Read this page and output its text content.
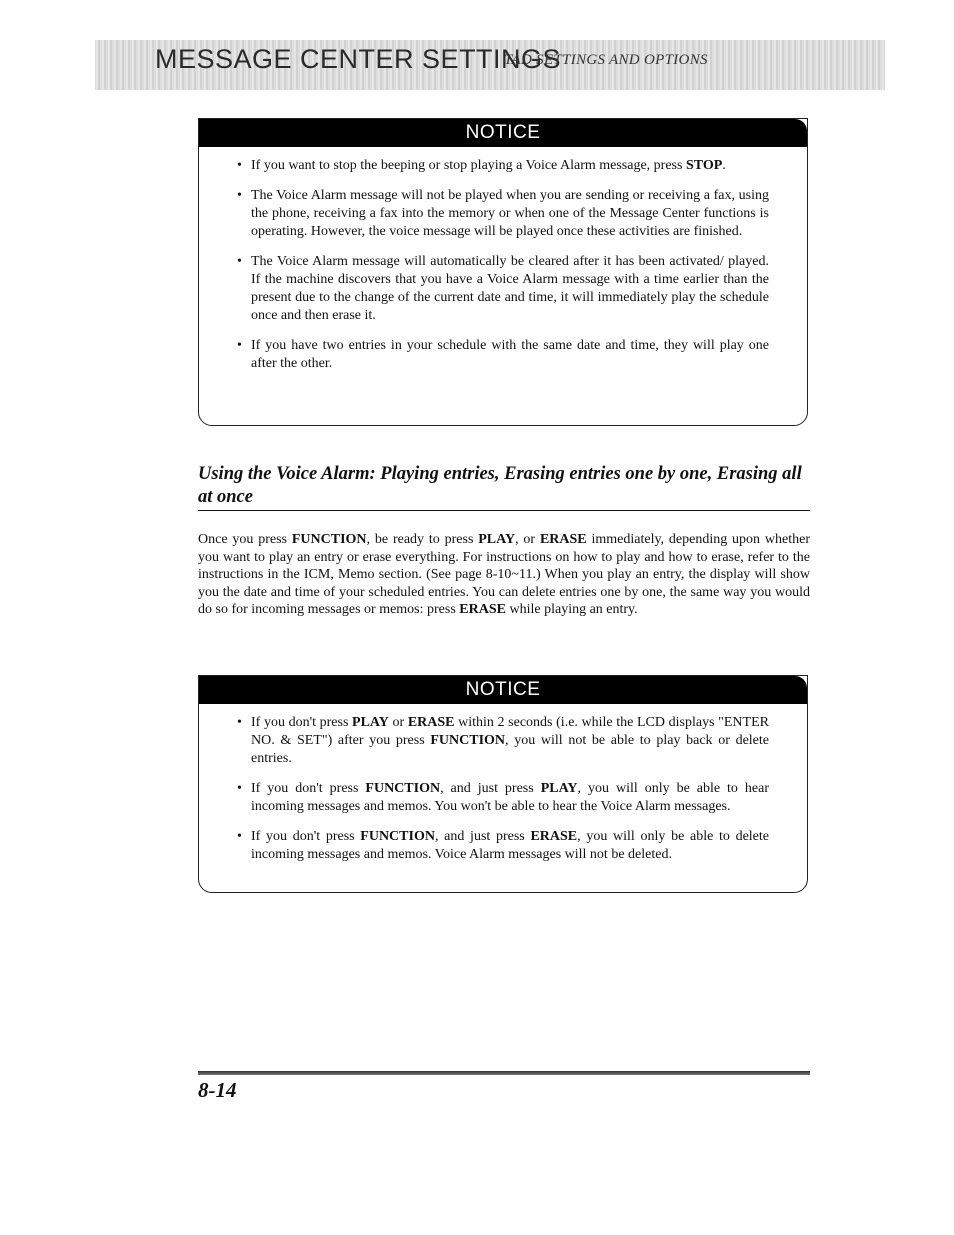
MESSAGE CENTER SETTINGS
TAD SETTINGS AND OPTIONS
NOTICE
• If you want to stop the beeping or stop playing a Voice Alarm message, press STOP.
• The Voice Alarm message will not be played when you are sending or receiving a fax, using the phone, receiving a fax into the memory or when one of the Message Center functions is operating. However, the voice message will be played once these activities are finished.
• The Voice Alarm message will automatically be cleared after it has been activated/ played. If the machine discovers that you have a Voice Alarm message with a time earlier than the present due to the change of the current date and time, it will immediately play the schedule once and then erase it.
• If you have two entries in your schedule with the same date and time, they will play one after the other.
Using the Voice Alarm: Playing entries, Erasing entries one by one, Erasing all at once

Once you press FUNCTION, be ready to press PLAY, or ERASE immediately, depending upon whether you want to play an entry or erase everything. For instructions on how to play and how to erase, refer to the instructions in the ICM, Memo section. (See page 8-10~11.) When you play an entry, the display will show you the date and time of your scheduled entries. You can delete entries one by one, the same way you would do so for incoming messages or memos: press ERASE while playing an entry.

NOTICE
• If you don't press PLAY or ERASE within 2 seconds (i.e. while the LCD displays "ENTER NO. & SET") after you press FUNCTION, you will not be able to play back or delete entries.
• If you don't press FUNCTION, and just press PLAY, you will only be able to hear incoming messages and memos. You won't be able to hear the Voice Alarm messages.
• If you don't press FUNCTION, and just press ERASE, you will only be able to delete incoming messages and memos. Voice Alarm messages will not be deleted.
8-14
